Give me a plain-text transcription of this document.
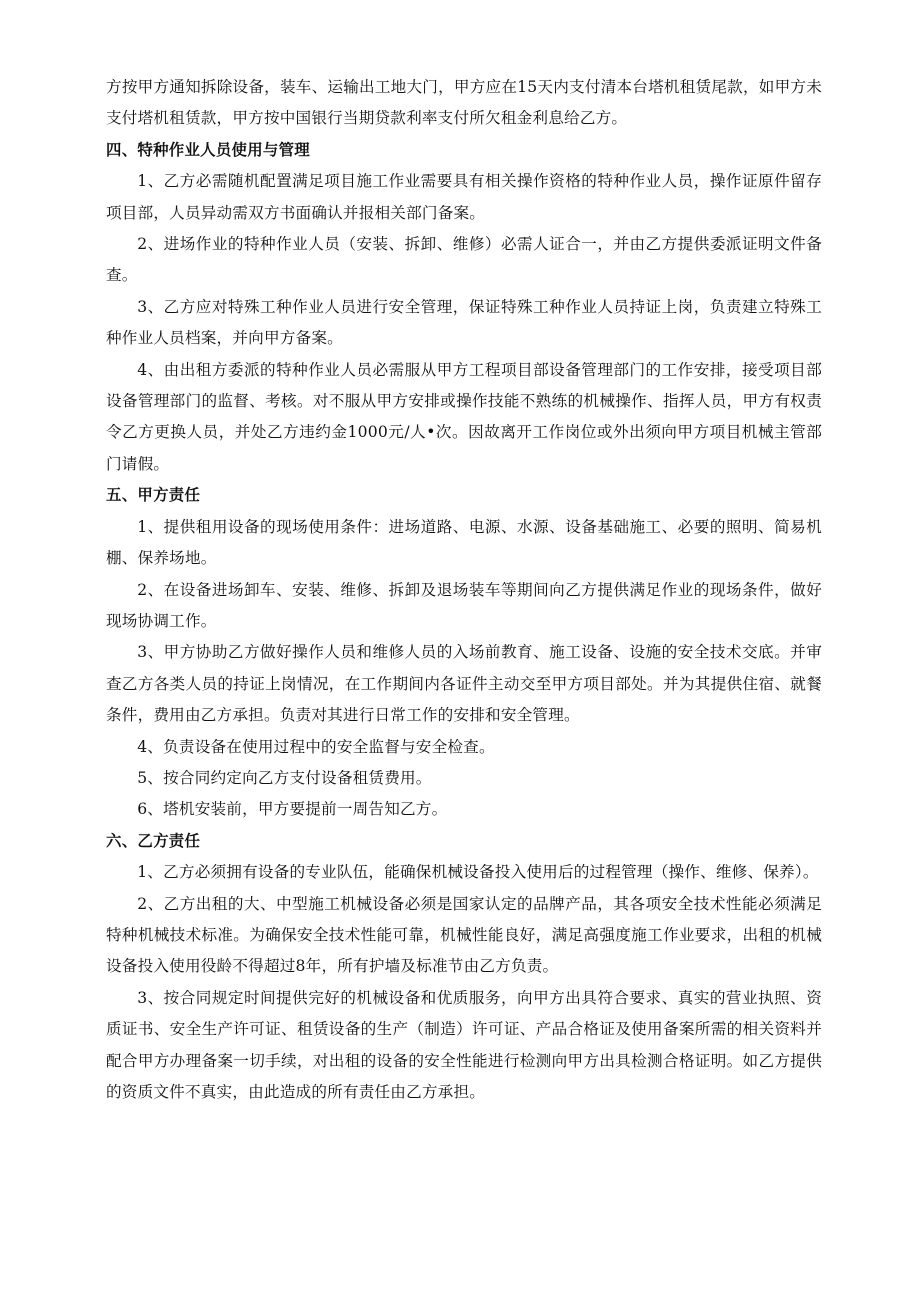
方按甲方通知拆除设备，装车、运输出工地大门，甲方应在15天内支付清本台塔机租赁尾款，如甲方未支付塔机租赁款，甲方按中国银行当期贷款利率支付所欠租金利息给乙方。

四、特种作业人员使用与管理

1、乙方必需随机配置满足项目施工作业需要具有相关操作资格的特种作业人员，操作证原件留存项目部，人员异动需双方书面确认并报相关部门备案。

2、进场作业的特种作业人员（安装、拆卸、维修）必需人证合一，并由乙方提供委派证明文件备查。

3、乙方应对特殊工种作业人员进行安全管理，保证特殊工种作业人员持证上岗，负责建立特殊工种作业人员档案，并向甲方备案。

4、由出租方委派的特种作业人员必需服从甲方工程项目部设备管理部门的工作安排，接受项目部设备管理部门的监督、考核。对不服从甲方安排或操作技能不熟练的机械操作、指挥人员，甲方有权责令乙方更换人员，并处乙方违约金1000元/人•次。因故离开工作岗位或外出须向甲方项目机械主管部门请假。

五、甲方责任

1、提供租用设备的现场使用条件：进场道路、电源、水源、设备基础施工、必要的照明、简易机棚、保养场地。

2、在设备进场卸车、安装、维修、拆卸及退场装车等期间向乙方提供满足作业的现场条件，做好现场协调工作。

3、甲方协助乙方做好操作人员和维修人员的入场前教育、施工设备、设施的安全技术交底。并审查乙方各类人员的持证上岗情况，在工作期间内各证件主动交至甲方项目部处。并为其提供住宿、就餐条件，费用由乙方承担。负责对其进行日常工作的安排和安全管理。

4、负责设备在使用过程中的安全监督与安全检查。

5、按合同约定向乙方支付设备租赁费用。

6、塔机安装前，甲方要提前一周告知乙方。

六、乙方责任

1、乙方必须拥有设备的专业队伍，能确保机械设备投入使用后的过程管理（操作、维修、保养）。

2、乙方出租的大、中型施工机械设备必须是国家认定的品牌产品，其各项安全技术性能必须满足特种机械技术标准。为确保安全技术性能可靠，机械性能良好，满足高强度施工作业要求，出租的机械设备投入使用役龄不得超过8年，所有护墙及标准节由乙方负责。

3、按合同规定时间提供完好的机械设备和优质服务，向甲方出具符合要求、真实的营业执照、资质证书、安全生产许可证、租赁设备的生产（制造）许可证、产品合格证及使用备案所需的相关资料并配合甲方办理备案一切手续，对出租的设备的安全性能进行检测向甲方出具检测合格证明。如乙方提供的资质文件不真实，由此造成的所有责任由乙方承担。
